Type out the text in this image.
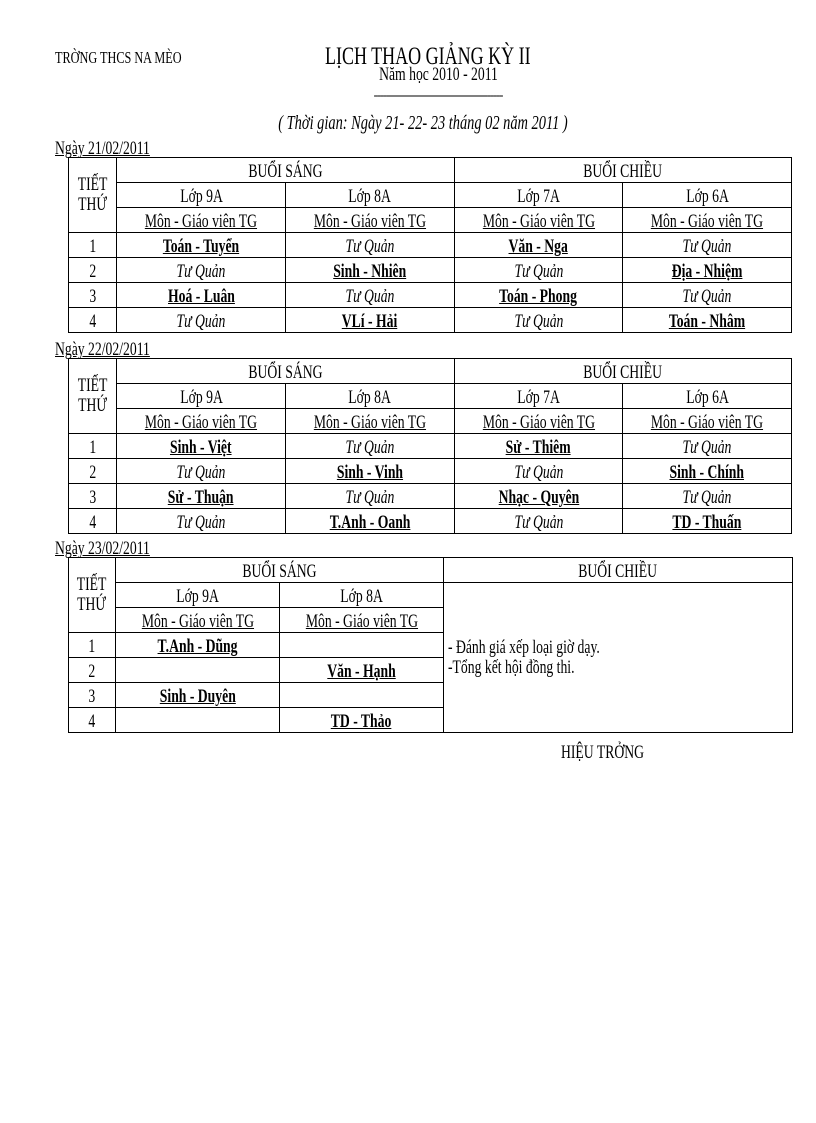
TRỜNG THCS NA MÈO	LỊCH THAO GIẢNG KỲ II
Năm học 2010 - 2011
-------------------------------------------
( Thời gian: Ngày 21- 22- 23 tháng 02 năm 2011 )
Ngày 21/02/2011
TIẾT
THỨ	BUỔI SÁNG		BUỔI CHIỀU	
	Lớp 9A	Lớp 8A	Lớp 7A	Lớp 6A
	Môn - Giáo viên TG	Môn - Giáo viên TG	Môn - Giáo viên TG	Môn - Giáo viên TG
1	Toán - Tuyển	Tư Quản	Văn - Nga	Tư Quản
2	Tư Quản	Sinh - Nhiên	Tư Quản	Địa - Nhiệm
3	Hoá - Luân	Tư Quản	Toán - Phong	Tư Quản
4	Tư Quản	VLí - Hải	Tư Quản	Toán - Nhâm
Ngày 22/02/2011
TIẾT
THỨ	BUỔI SÁNG		BUỔI CHIỀU	
	Lớp 9A	Lớp 8A	Lớp 7A	Lớp 6A
	Môn - Giáo viên TG	Môn - Giáo viên TG	Môn - Giáo viên TG	Môn - Giáo viên TG
1	Sinh - Việt	Tư Quản	Sử - Thiêm	Tư Quản
2	Tư Quản	Sinh - Vinh	Tư Quản	Sinh - Chính
3	Sử - Thuận	Tư Quản	Nhạc - Quyên	Tư Quản
4	Tư Quản	T.Anh - Oanh	Tư Quản	TD - Thuấn
Ngày 23/02/2011
TIẾT
THỨ	BUỔI SÁNG		BUỔI CHIỀU
	Lớp 9A	Lớp 8A	- Đánh giá xếp loại giờ dạy.
-Tổng kết hội đồng thi.
	Môn - Giáo viên TG	Môn - Giáo viên TG	
1	T.Anh - Dũng		
2		Văn - Hạnh	
3	Sinh - Duyên		
4		TD - Thảo	
HIỆU TRỞNG
